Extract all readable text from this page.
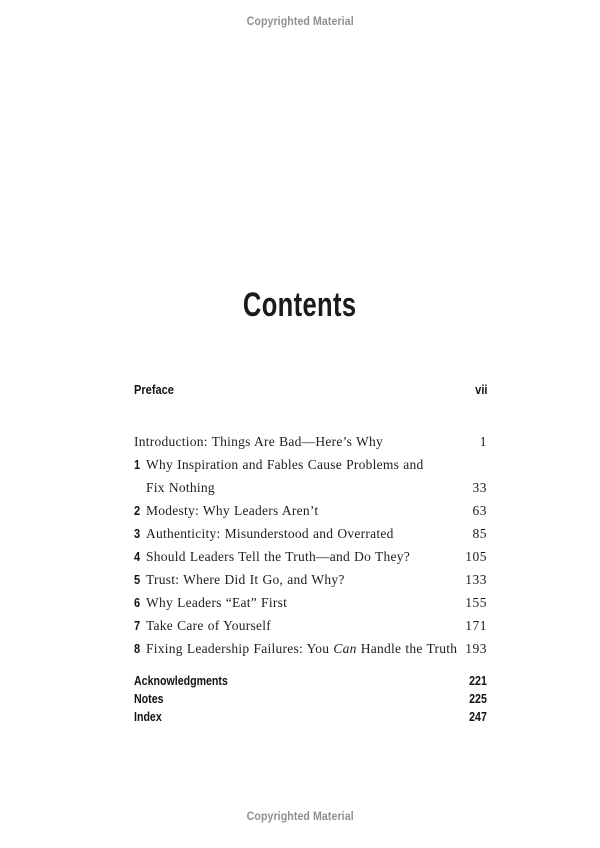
Copyrighted Material
Contents
Preface	vii
Introduction: Things Are Bad—Here’s Why	1
1 Why Inspiration and Fables Cause Problems and
Fix Nothing	33
2 Modesty: Why Leaders Aren’t	63
3 Authenticity: Misunderstood and Overrated	85
4 Should Leaders Tell the Truth—and Do They?	105
5 Trust: Where Did It Go, and Why?	133
6 Why Leaders “Eat” First	155
7 Take Care of Yourself	171
8 Fixing Leadership Failures: You Can Handle the Truth 193
Acknowledgments	221
Notes	225
Index	247
Copyrighted Material
